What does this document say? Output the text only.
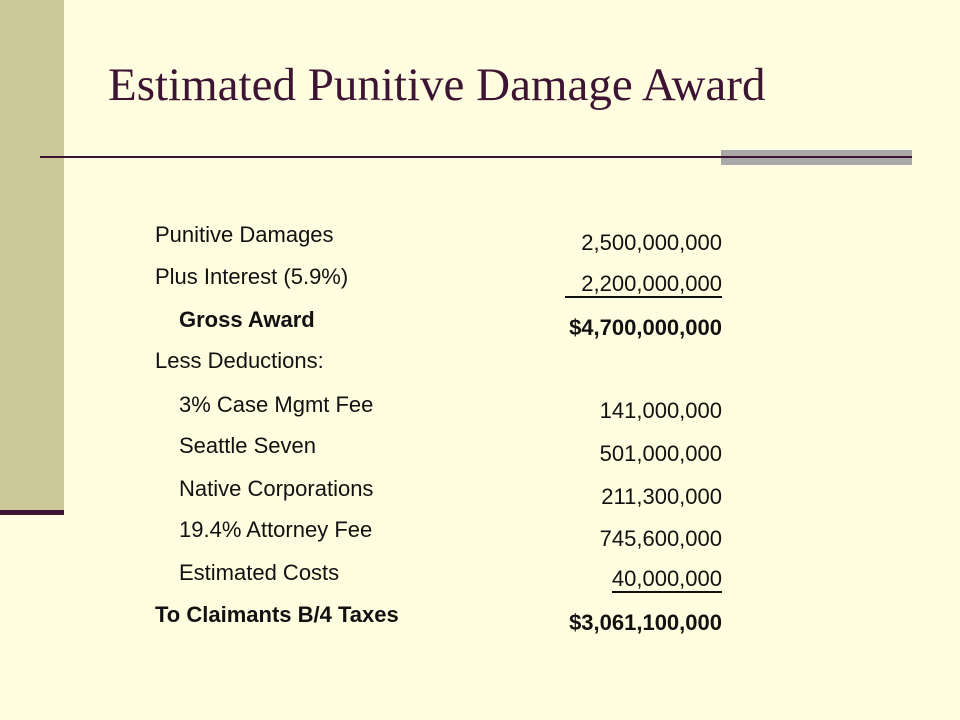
Estimated Punitive Damage Award
Punitive Damages
Plus Interest (5.9%)
Gross Award
Less Deductions:
3% Case Mgmt Fee
Seattle Seven
Native Corporations
19.4% Attorney Fee
Estimated Costs
To Claimants B/4 Taxes
2,500,000,000
2,200,000,000
$4,700,000,000
141,000,000
501,000,000
211,300,000
745,600,000
40,000,000
$3,061,100,000
